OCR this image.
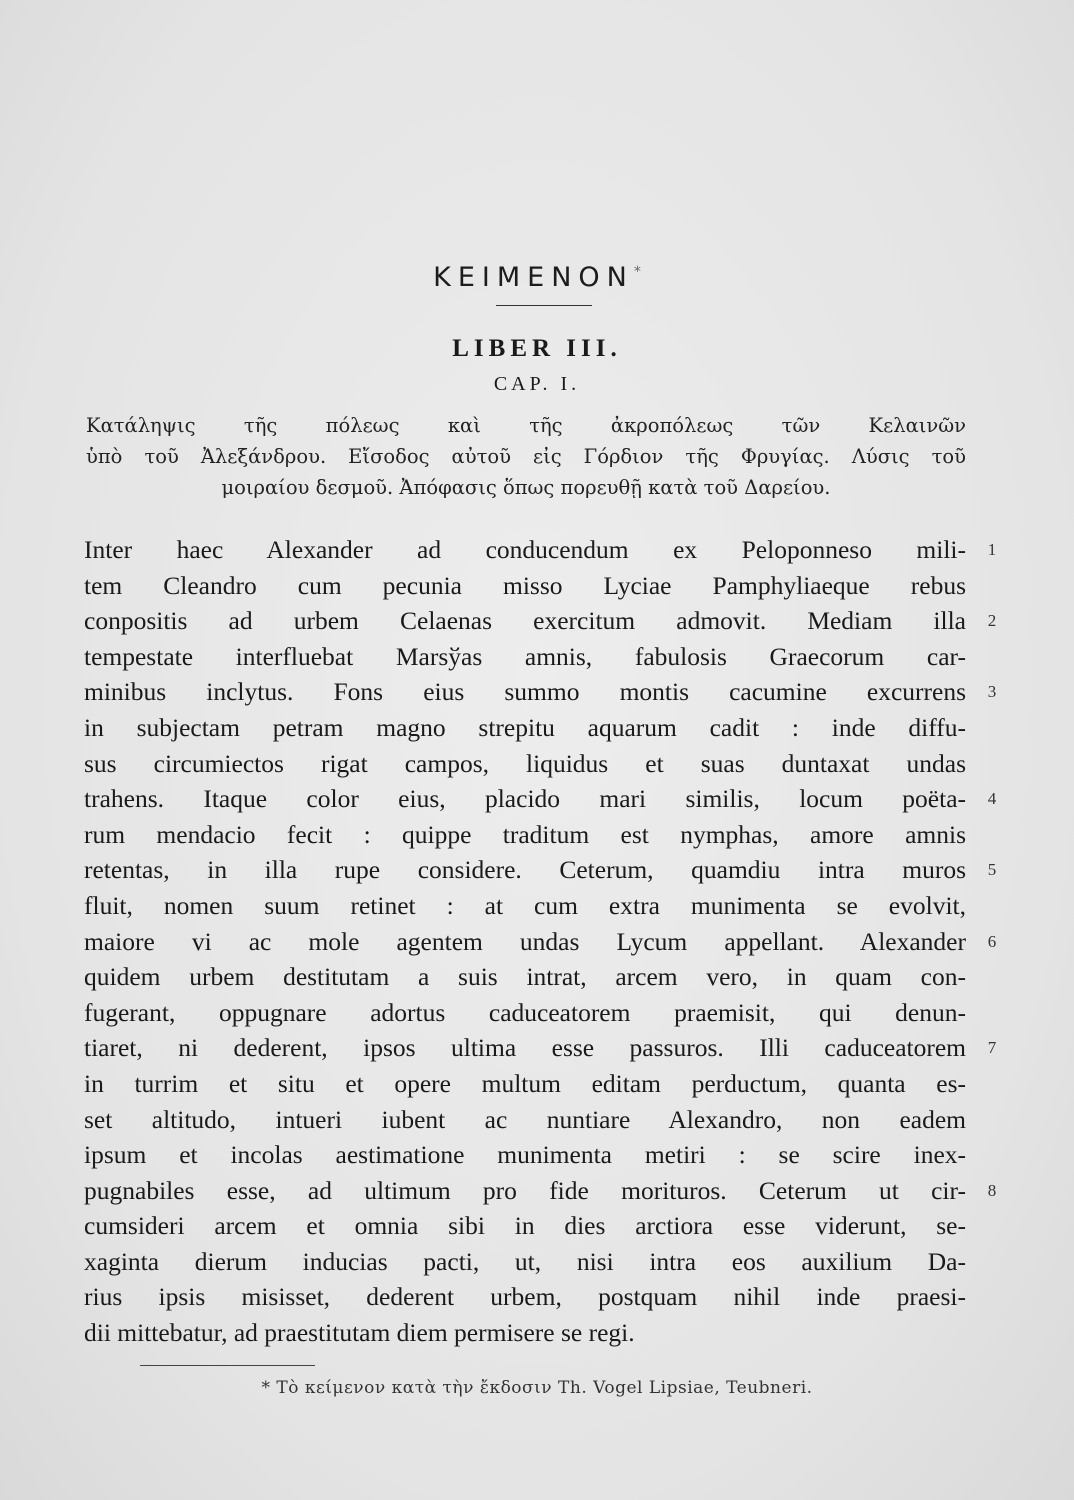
KEIMENON*
LIBER III.
CAP. I.
Κατάληψις τῆς πόλεως καὶ τῆς ἀκροπόλεως τῶν Κελαινῶν
ὑπὸ τοῦ Ἀλεξάνδρου. Εἴσοδος αὐτοῦ εἰς Γόρδιον τῆς Φρυγίας. Λύσις τοῦ
μοιραίου δεσμοῦ. Ἀπόφασις ὅπως πορευθῇ κατὰ τοῦ Δαρείου.
Inter haec Alexander ad conducendum ex Peloponneso mili-
tem Cleandro cum pecunia misso Lyciae Pamphyliaeque rebus
conpositis ad urbem Celaenas exercitum admovit. Mediam illa
tempestate interfluebat Marsўas amnis, fabulosis Graecorum car-
minibus inclytus. Fons eius summo montis cacumine excurrens
in subjectam petram magno strepitu aquarum cadit : inde diffu-
sus circumiectos rigat campos, liquidus et suas duntaxat undas
trahens. Itaque color eius, placido mari similis, locum poëta-
rum mendacio fecit : quippe traditum est nymphas, amore amnis
retentas, in illa rupe considere. Ceterum, quamdiu intra muros
fluit, nomen suum retinet : at cum extra munimenta se evolvit,
maiore vi ac mole agentem undas Lycum appellant. Alexander
quidem urbem destitutam a suis intrat, arcem vero, in quam con-
fugerant, oppugnare adortus caduceatorem praemisit, qui denun-
tiaret, ni dederent, ipsos ultima esse passuros. Illi caduceatorem
in turrim et situ et opere multum editam perductum, quanta es-
set altitudo, intueri iubent ac nuntiare Alexandro, non eadem
ipsum et incolas aestimatione munimenta metiri : se scire inex-
pugnabiles esse, ad ultimum pro fide morituros. Ceterum ut cir-
cumsideri arcem et omnia sibi in dies arctiora esse viderunt, se-
xaginta dierum inducias pacti, ut, nisi intra eos auxilium Da-
rius ipsis misisset, dederent urbem, postquam nihil inde praesi-
dii mittebatur, ad praestitutam diem permisere se regi.
1
2
3
4
5
6
7
8
* Τὸ κείμενον κατὰ τὴν ἔκδοσιν Th. Vogel Lipsiae, Teubneri.
